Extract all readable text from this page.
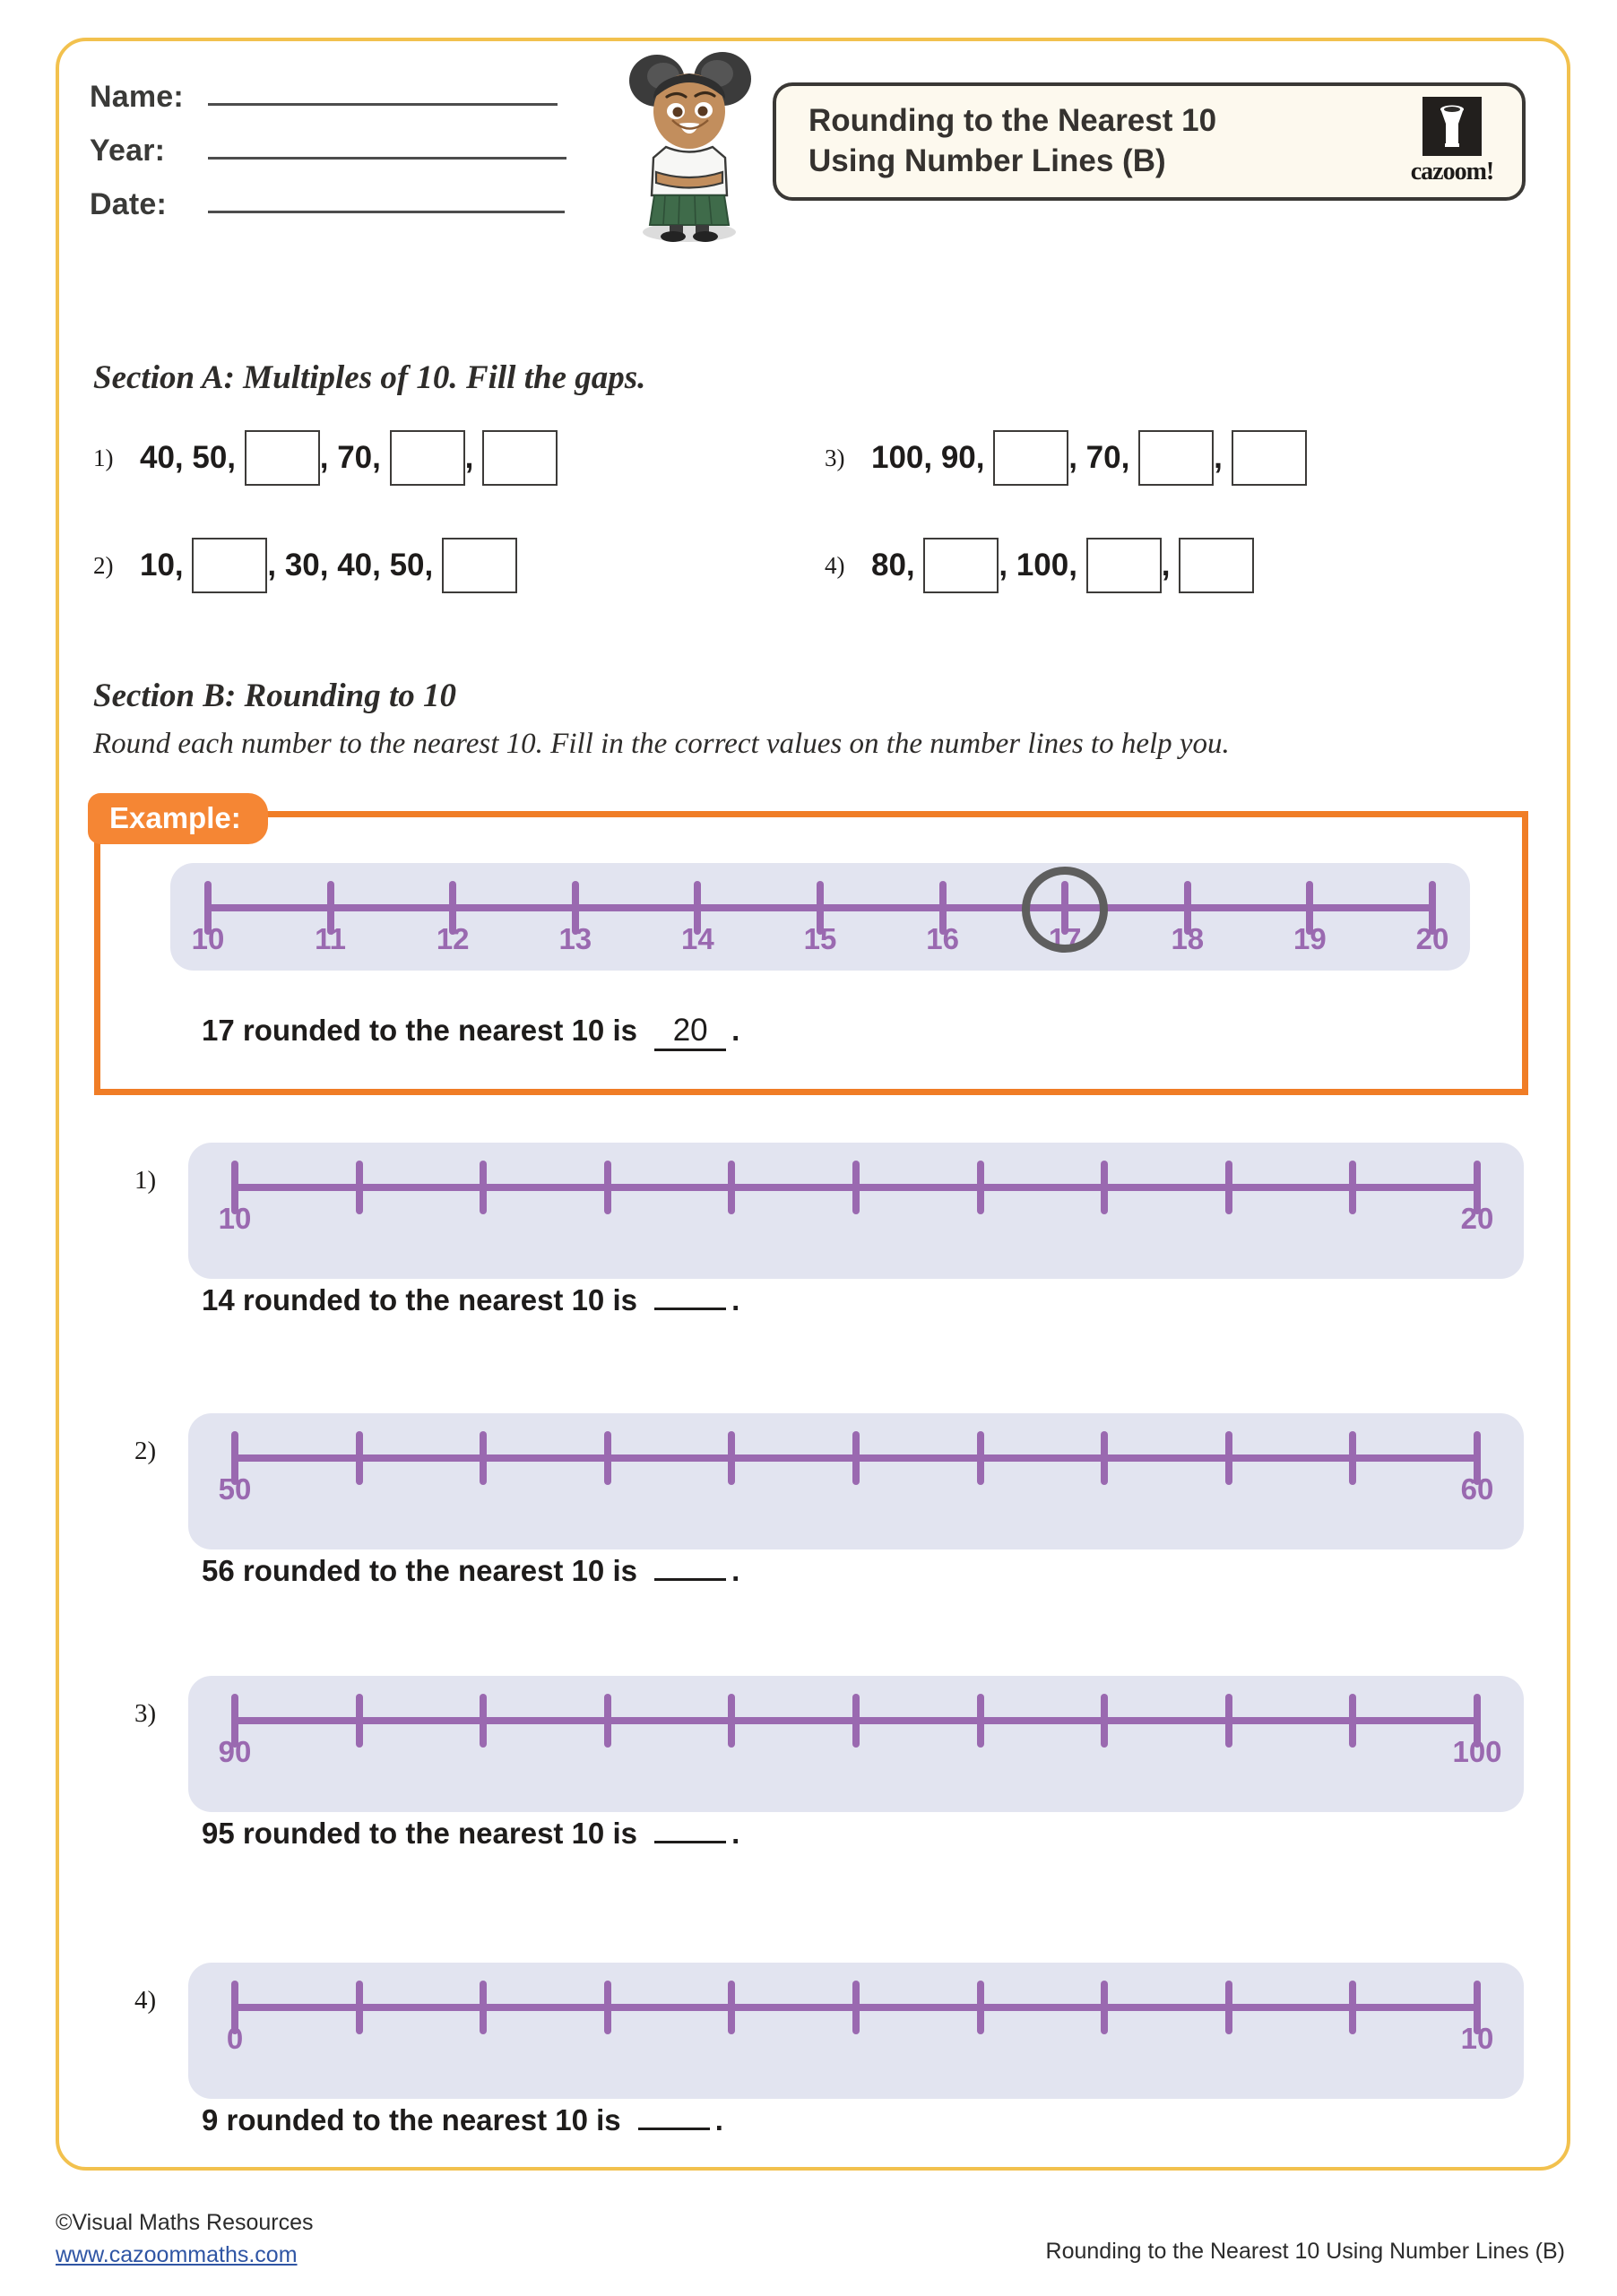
Name:
Year:
Date:
Rounding to the Nearest 10
Using Number Lines (B)	cazoom!
Section A: Multiples of 10. Fill the gaps.
1) 40, 50, , 70, ,
2) 10, , 30, 40, 50,
3) 100, 90, , 70, ,
4) 80, , 100, ,
Section B: Rounding to 10
Round each number to the nearest 10. Fill in the correct values on the number lines to help you.
Example:
10	11	12	13	14	15	16	17	18	19	20
17 rounded to the nearest 10 is 20 .
1)
10	20
14 rounded to the nearest 10 is	.
2)
50	60
56 rounded to the nearest 10 is	.
3)
90	100
95 rounded to the nearest 10 is	.
4)
0	10
9 rounded to the nearest 10 is	.
©Visual Maths Resources
www.cazoommaths.com	Rounding to the Nearest 10 Using Number Lines (B)
